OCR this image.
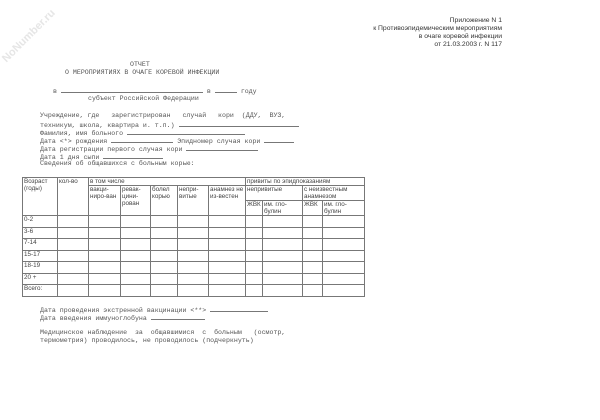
NoNumber.ru	Приложение N 1
к Противоэпидемическим мероприятиям
в очаге коревой инфекции
от 21.03.2003 г. N 117
ОТЧЕТ
О МЕРОПРИЯТИЯХ В ОЧАГЕ КОРЕВОЙ ИНФЕКЦИИ
в	в	году
субъект Российской Федерации
Учреждение, где   зарегистрирован   случай   кори  (ДДУ,  ВУЗ,
техникум, школа, квартира и. т.п.)
Фамилия, имя больного
Дата <*> рождения	Эпидномер случая кори
Дата регистрации первого случая кори
Дата 1 дня сыпи
Сведения об общавшихся с больным корью:
Возраст (годы)	кол-во	в том числе					привиты по эпидпоказаниям			
		вакци-ниро-ван	ревак-цини-рован	болел корью	непри-витые	анамнез не из-вестен	непривитые		с неизвестным анамнезом	
							ЖВК	им. гло-булин	ЖВК	им. гло-булин
0-2										
3-6										
7-14										
15-17										
18-19										
20 +										
Всего:										
Дата проведения экстренной вакцинации <**>
Дата введения иммуноглобуна
Медицинское наблюдение  за  общавшимися  с  больным   (осмотр,
термометрия) проводилось, не проводилось (подчеркнуть)
